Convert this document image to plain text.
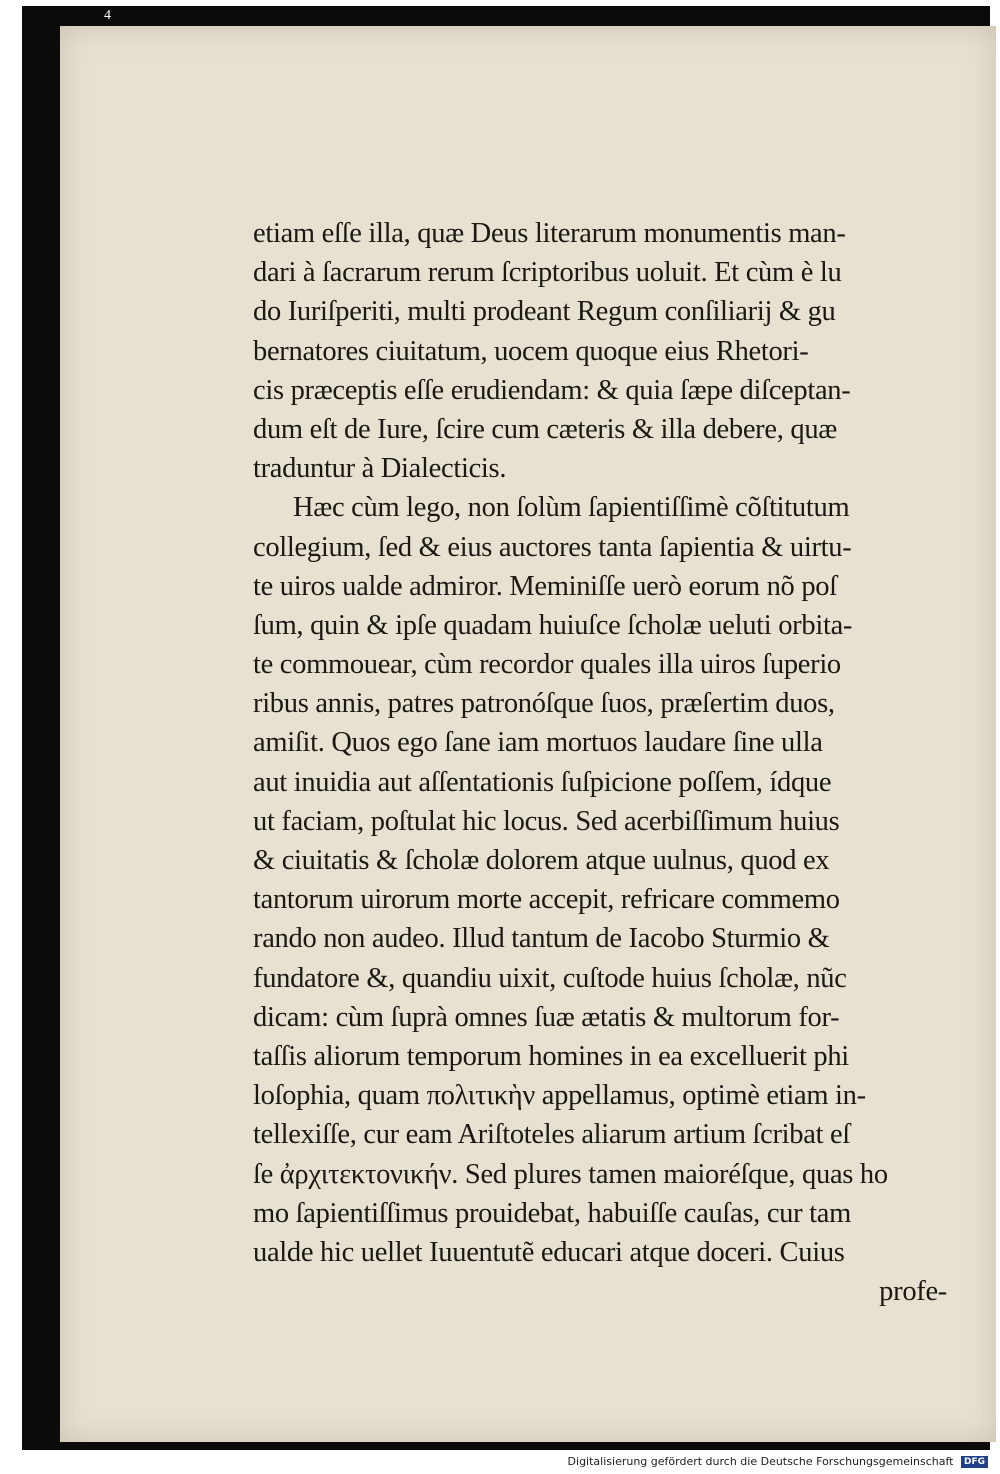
4
etiam eſſe illa, quæ Deus literarum monumentis man-
dari à ſacrarum rerum ſcriptoribus uoluit. Et cùm è lu
do Iuriſperiti, multi prodeant Regum conſiliarij & gu
bernatores ciuitatum, uocem quoque eius Rhetori-
cis præceptis eſſe erudiendam: & quia ſæpe diſceptan-
dum eſt de Iure, ſcire cum cæteris & illa debere, quæ
traduntur à Dialecticis.
Hæc cùm lego, non ſolùm ſapientiſſimè cõſtitutum
collegium, ſed & eius auctores tanta ſapientia & uirtu-
te uiros ualde admiror. Meminiſſe uerò eorum nõ poſ
ſum, quin & ipſe quadam huiuſce ſcholæ ueluti orbita-
te commouear, cùm recordor quales illa uiros ſuperio
ribus annis, patres patronóſque ſuos, præſertim duos,
amiſit. Quos ego ſane iam mortuos laudare ſine ulla
aut inuidia aut aſſentationis ſuſpicione poſſem, ídque
ut faciam, poſtulat hic locus. Sed acerbiſſimum huius
& ciuitatis & ſcholæ dolorem atque uulnus, quod ex
tantorum uirorum morte accepit, refricare commemo
rando non audeo. Illud tantum de Iacobo Sturmio &
fundatore &, quandiu uixit, cuſtode huius ſcholæ, nũc
dicam: cùm ſuprà omnes ſuæ ætatis & multorum for-
taſſis aliorum temporum homines in ea excelluerit phi
loſophia, quam πολιτικὴν appellamus, optimè etiam in-
tellexiſſe, cur eam Ariſtoteles aliarum artium ſcribat eſ
ſe ἀρχιτεκτονικήν. Sed plures tamen maioréſque, quas ho
mo ſapientiſſimus prouidebat, habuiſſe cauſas, cur tam
ualde hic uellet Iuuentutẽ educari atque doceri. Cuius
profe-
Digitalisierung gefördert durch die Deutsche Forschungsgemeinschaft DFG
